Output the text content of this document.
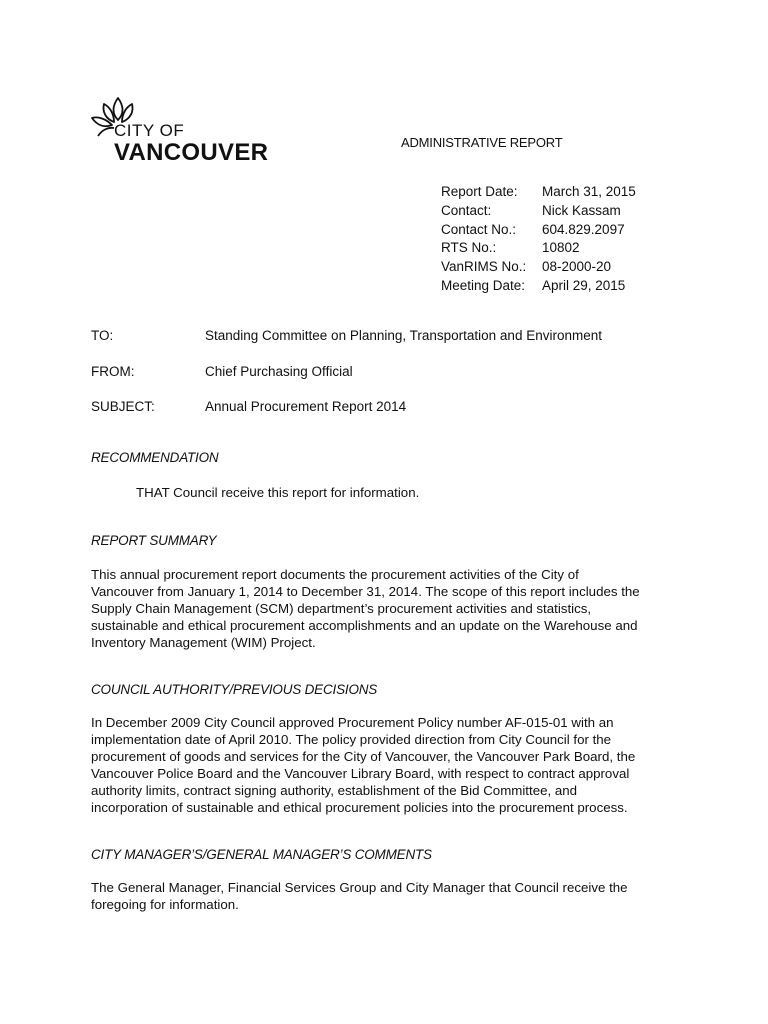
CITY OF
VANCOUVER	ADMINISTRATIVE REPORT
Report Date: March 31, 2015
Contact:	Nick Kassam
Contact No.: 604.829.2097
RTS No.:	10802
VanRIMS No.: 08-2000-20
Meeting Date: April 29, 2015
TO:	Standing Committee on Planning, Transportation and Environment
FROM:	Chief Purchasing Official
SUBJECT:	Annual Procurement Report 2014
RECOMMENDATION
THAT Council receive this report for information.
REPORT SUMMARY
This annual procurement report documents the procurement activities of the City of
Vancouver from January 1, 2014 to December 31, 2014. The scope of this report includes the
Supply Chain Management (SCM) department’s procurement activities and statistics,
sustainable and ethical procurement accomplishments and an update on the Warehouse and
Inventory Management (WIM) Project.
COUNCIL AUTHORITY/PREVIOUS DECISIONS
In December 2009 City Council approved Procurement Policy number AF-015-01 with an
implementation date of April 2010. The policy provided direction from City Council for the
procurement of goods and services for the City of Vancouver, the Vancouver Park Board, the
Vancouver Police Board and the Vancouver Library Board, with respect to contract approval
authority limits, contract signing authority, establishment of the Bid Committee, and
incorporation of sustainable and ethical procurement policies into the procurement process.
CITY MANAGER’S/GENERAL MANAGER’S COMMENTS
The General Manager, Financial Services Group and City Manager that Council receive the
foregoing for information.
